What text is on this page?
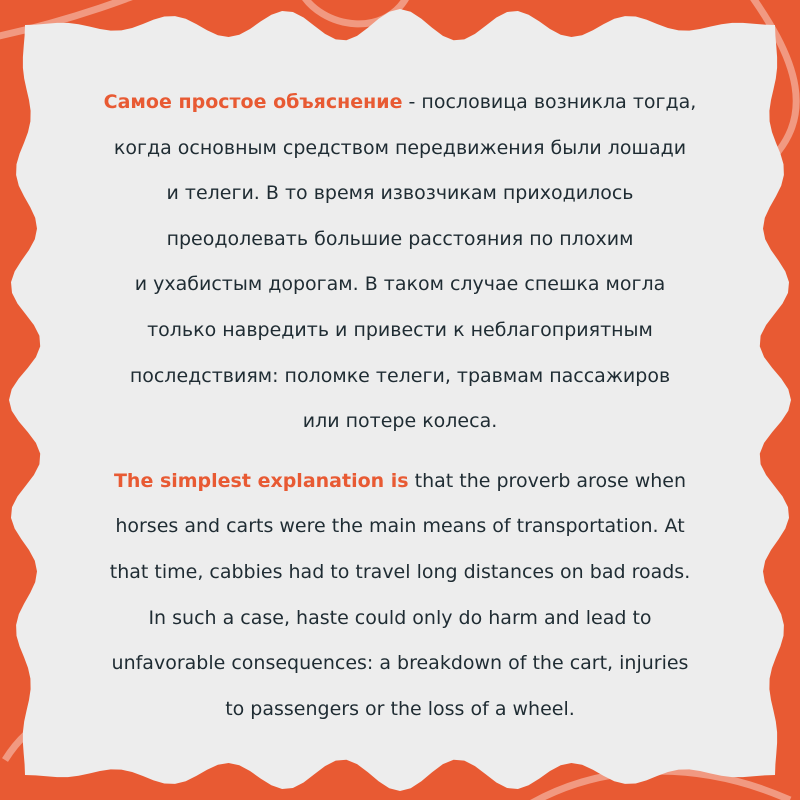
Самое простое объяснение - пословица возникла тогда,
когда основным средством передвижения были лошади
и телеги. В то время извозчикам приходилось
преодолевать большие расстояния по плохим
и ухабистым дорогам. В таком случае спешка могла
только навредить и привести к неблагоприятным
последствиям: поломке телеги, травмам пассажиров
или потере колеса.

The simplest explanation is that the proverb arose when
horses and carts were the main means of transportation. At
that time, cabbies had to travel long distances on bad roads.
In such a case, haste could only do harm and lead to
unfavorable consequences: a breakdown of the cart, injuries
to passengers or the loss of a wheel.
